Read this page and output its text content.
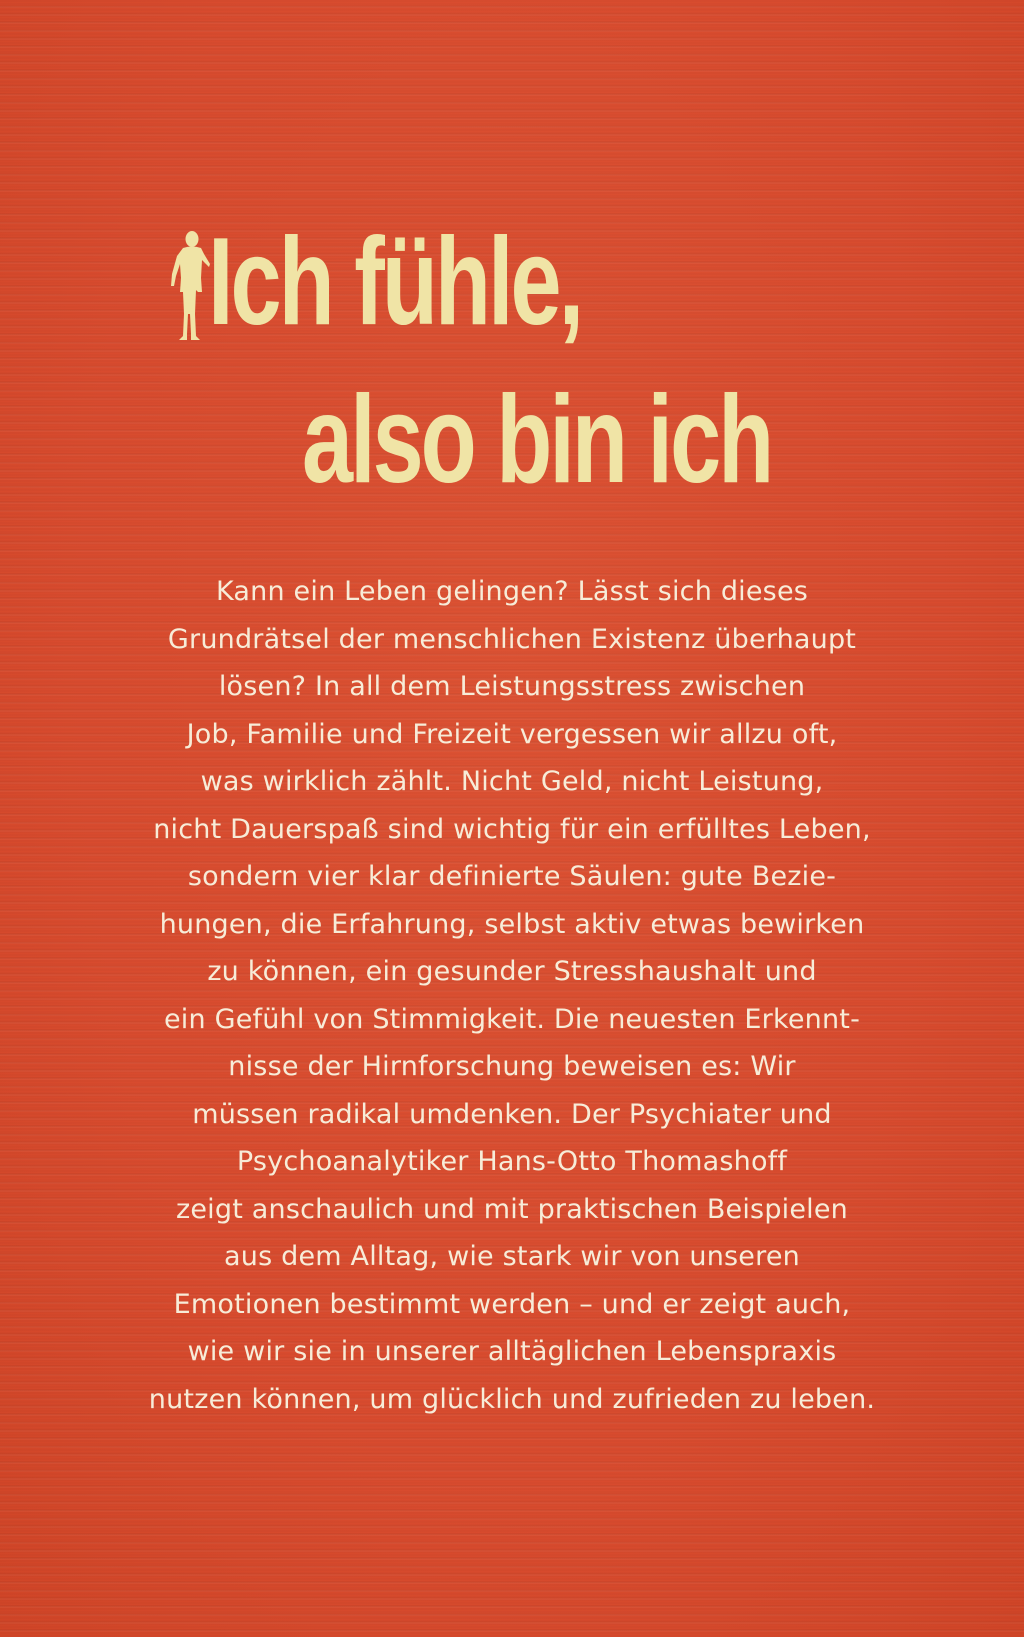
Ich fühle,
also bin ich

Kann ein Leben gelingen? Lässt sich dieses
Grundrätsel der menschlichen Existenz überhaupt
lösen? In all dem Leistungsstress zwischen
Job, Familie und Freizeit vergessen wir allzu oft,
was wirklich zählt. Nicht Geld, nicht Leistung,
nicht Dauerspaß sind wichtig für ein erfülltes Leben,
sondern vier klar definierte Säulen: gute Bezie-
hungen, die Erfahrung, selbst aktiv etwas bewirken
zu können, ein gesunder Stresshaushalt und
ein Gefühl von Stimmigkeit. Die neuesten Erkennt-
nisse der Hirnforschung beweisen es: Wir
müssen radikal umdenken. Der Psychiater und
Psychoanalytiker Hans-Otto Thomashoff
zeigt anschaulich und mit praktischen Beispielen
aus dem Alltag, wie stark wir von unseren
Emotionen bestimmt werden – und er zeigt auch,
wie wir sie in unserer alltäglichen Lebenspraxis
nutzen können, um glücklich und zufrieden zu leben.
